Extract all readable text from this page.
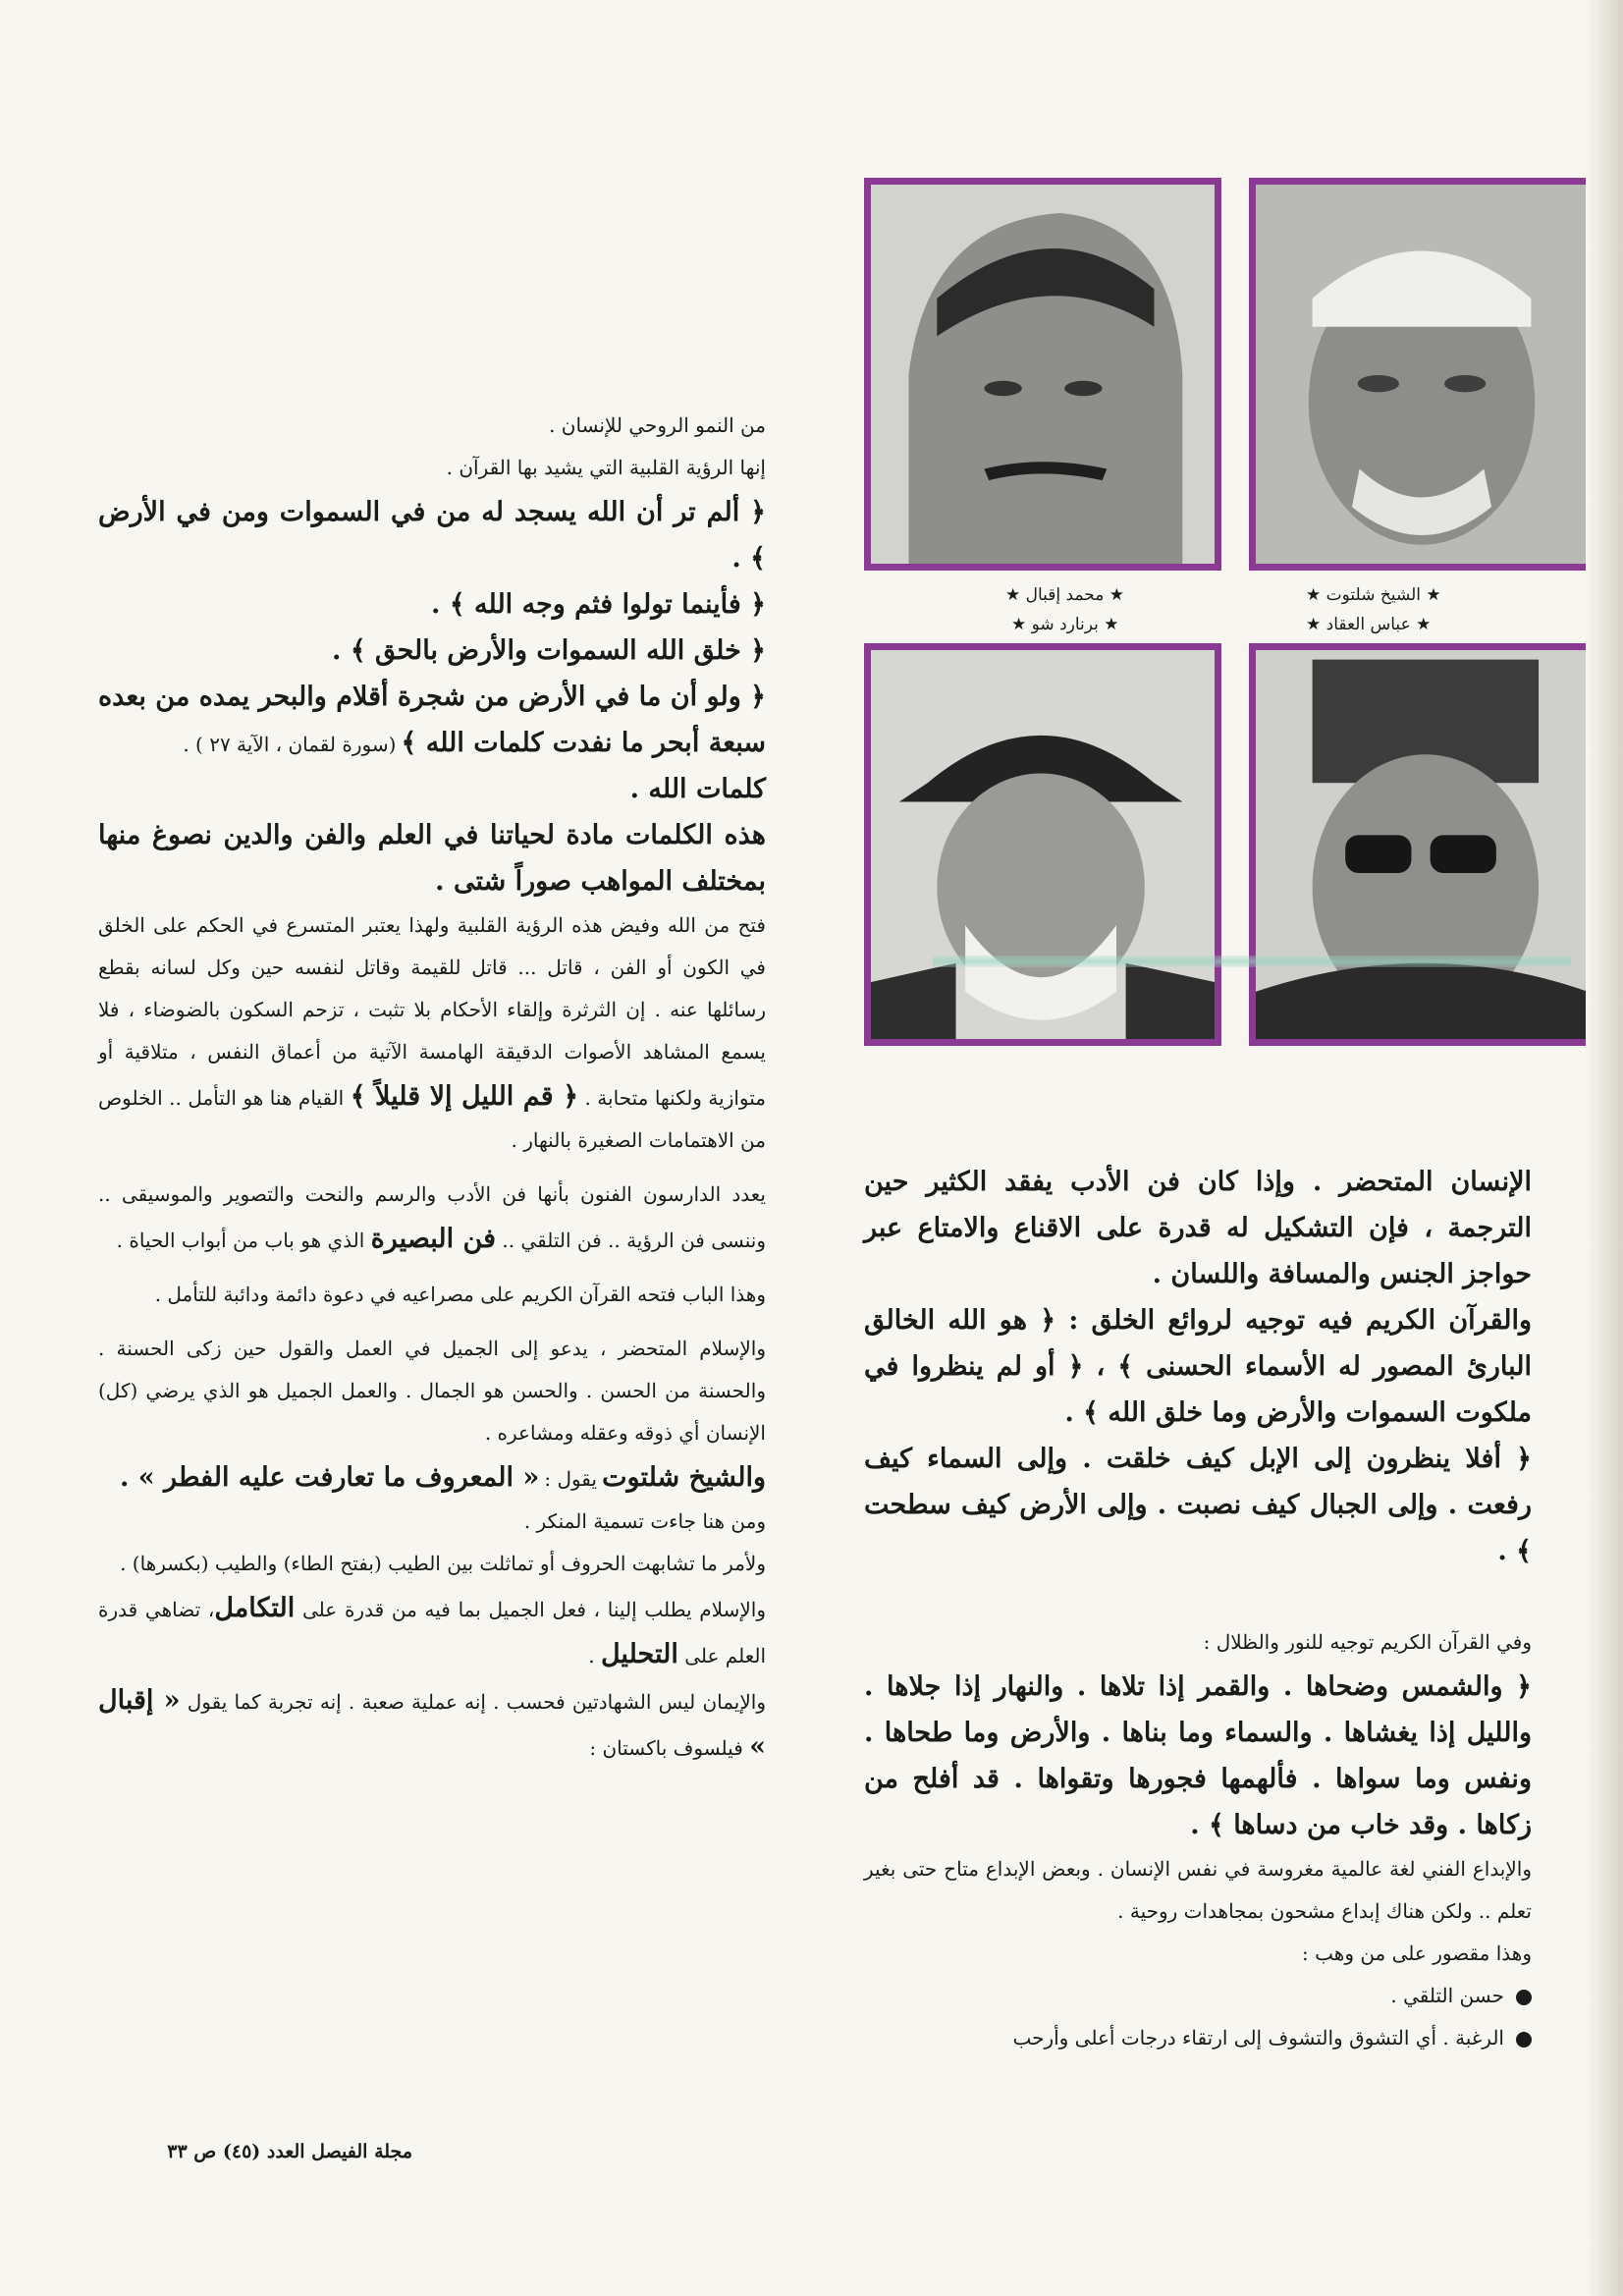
★ الشيخ شلتوت ★
★ محمد إقبال ★
★ عباس العقاد ★
★ برنارد شو ★

الإنسان المتحضر . وإذا كان فن الأدب يفقد الكثير حين الترجمة ، فإن التشكيل له قدرة على الاقناع والامتاع عبر حواجز الجنس والمسافة واللسان .

والقرآن الكريم فيه توجيه لروائع الخلق : ﴿ هو الله الخالق البارئ المصور له الأسماء الحسنى ﴾ ، ﴿ أو لم ينظروا في ملكوت السموات والأرض وما خلق الله ﴾ .

﴿ أفلا ينظرون إلى الإبل كيف خلقت . وإلى السماء كيف رفعت . وإلى الجبال كيف نصبت . وإلى الأرض كيف سطحت ﴾ .

وفي القرآن الكريم توجيه للنور والظلال :

﴿ والشمس وضحاها . والقمر إذا تلاها . والنهار إذا جلاها . والليل إذا يغشاها . والسماء وما بناها . والأرض وما طحاها . ونفس وما سواها . فألهمها فجورها وتقواها . قد أفلح من زكاها . وقد خاب من دساها ﴾ .

والإبداع الفني لغة عالمية مغروسة في نفس الإنسان . وبعض الإبداع متاح حتى بغير تعلم .. ولكن هناك إبداع مشحون بمجاهدات روحية .

وهذا مقصور على من وهب :

حسن التلقي .
الرغبة . أي التشوق والتشوف إلى ارتقاء درجات أعلى وأرحب

من النمو الروحي للإنسان .

إنها الرؤية القلبية التي يشيد بها القرآن .

﴿ ألم تر أن الله يسجد له من في السموات ومن في الأرض ﴾ .

﴿ فأينما تولوا فثم وجه الله ﴾ .

﴿ خلق الله السموات والأرض بالحق ﴾ .

﴿ ولو أن ما في الأرض من شجرة أقلام والبحر يمده من بعده سبعة أبحر ما نفدت كلمات الله ﴾ (سورة لقمان ، الآية ٢٧ ) .

كلمات الله .

هذه الكلمات مادة لحياتنا في العلم والفن والدين نصوغ منها بمختلف المواهب صوراً شتى .

فتح من الله وفيض هذه الرؤية القلبية ولهذا يعتبر المتسرع في الحكم على الخلق في الكون أو الفن ، قاتل ... قاتل للقيمة وقاتل لنفسه حين وكل لسانه بقطع رسائلها عنه . إن الثرثرة وإلقاء الأحكام بلا تثبت ، تزحم السكون بالضوضاء ، فلا يسمع المشاهد الأصوات الدقيقة الهامسة الآتية من أعماق النفس ، متلاقية أو متوازية ولكنها متحابة . ﴿ قم الليل إلا قليلاً ﴾ القيام هنا هو التأمل .. الخلوص من الاهتمامات الصغيرة بالنهار .

يعدد الدارسون الفنون بأنها فن الأدب والرسم والنحت والتصوير والموسيقى .. وننسى فن الرؤية .. فن التلقي .. فن البصيرة الذي هو باب من أبواب الحياة .

وهذا الباب فتحه القرآن الكريم على مصراعيه في دعوة دائمة ودائبة للتأمل .

والإسلام المتحضر ، يدعو إلى الجميل في العمل والقول حين زكى الحسنة . والحسنة من الحسن . والحسن هو الجمال . والعمل الجميل هو الذي يرضي (كل) الإنسان أي ذوقه وعقله ومشاعره .

والشيخ شلتوت يقول : « المعروف ما تعارفت عليه الفطر » .

ومن هنا جاءت تسمية المنكر .

ولأمر ما تشابهت الحروف أو تماثلت بين الطيب (بفتح الطاء) والطيب (بكسرها) .

والإسلام يطلب إلينا ، فعل الجميل بما فيه من قدرة على التكامل، تضاهي قدرة العلم على التحليل .

والإيمان ليس الشهادتين فحسب . إنه عملية صعبة . إنه تجربة كما يقول « إقبال » فيلسوف باكستان :

مجلة الفيصل العدد (٤٥) ص ٣٣
